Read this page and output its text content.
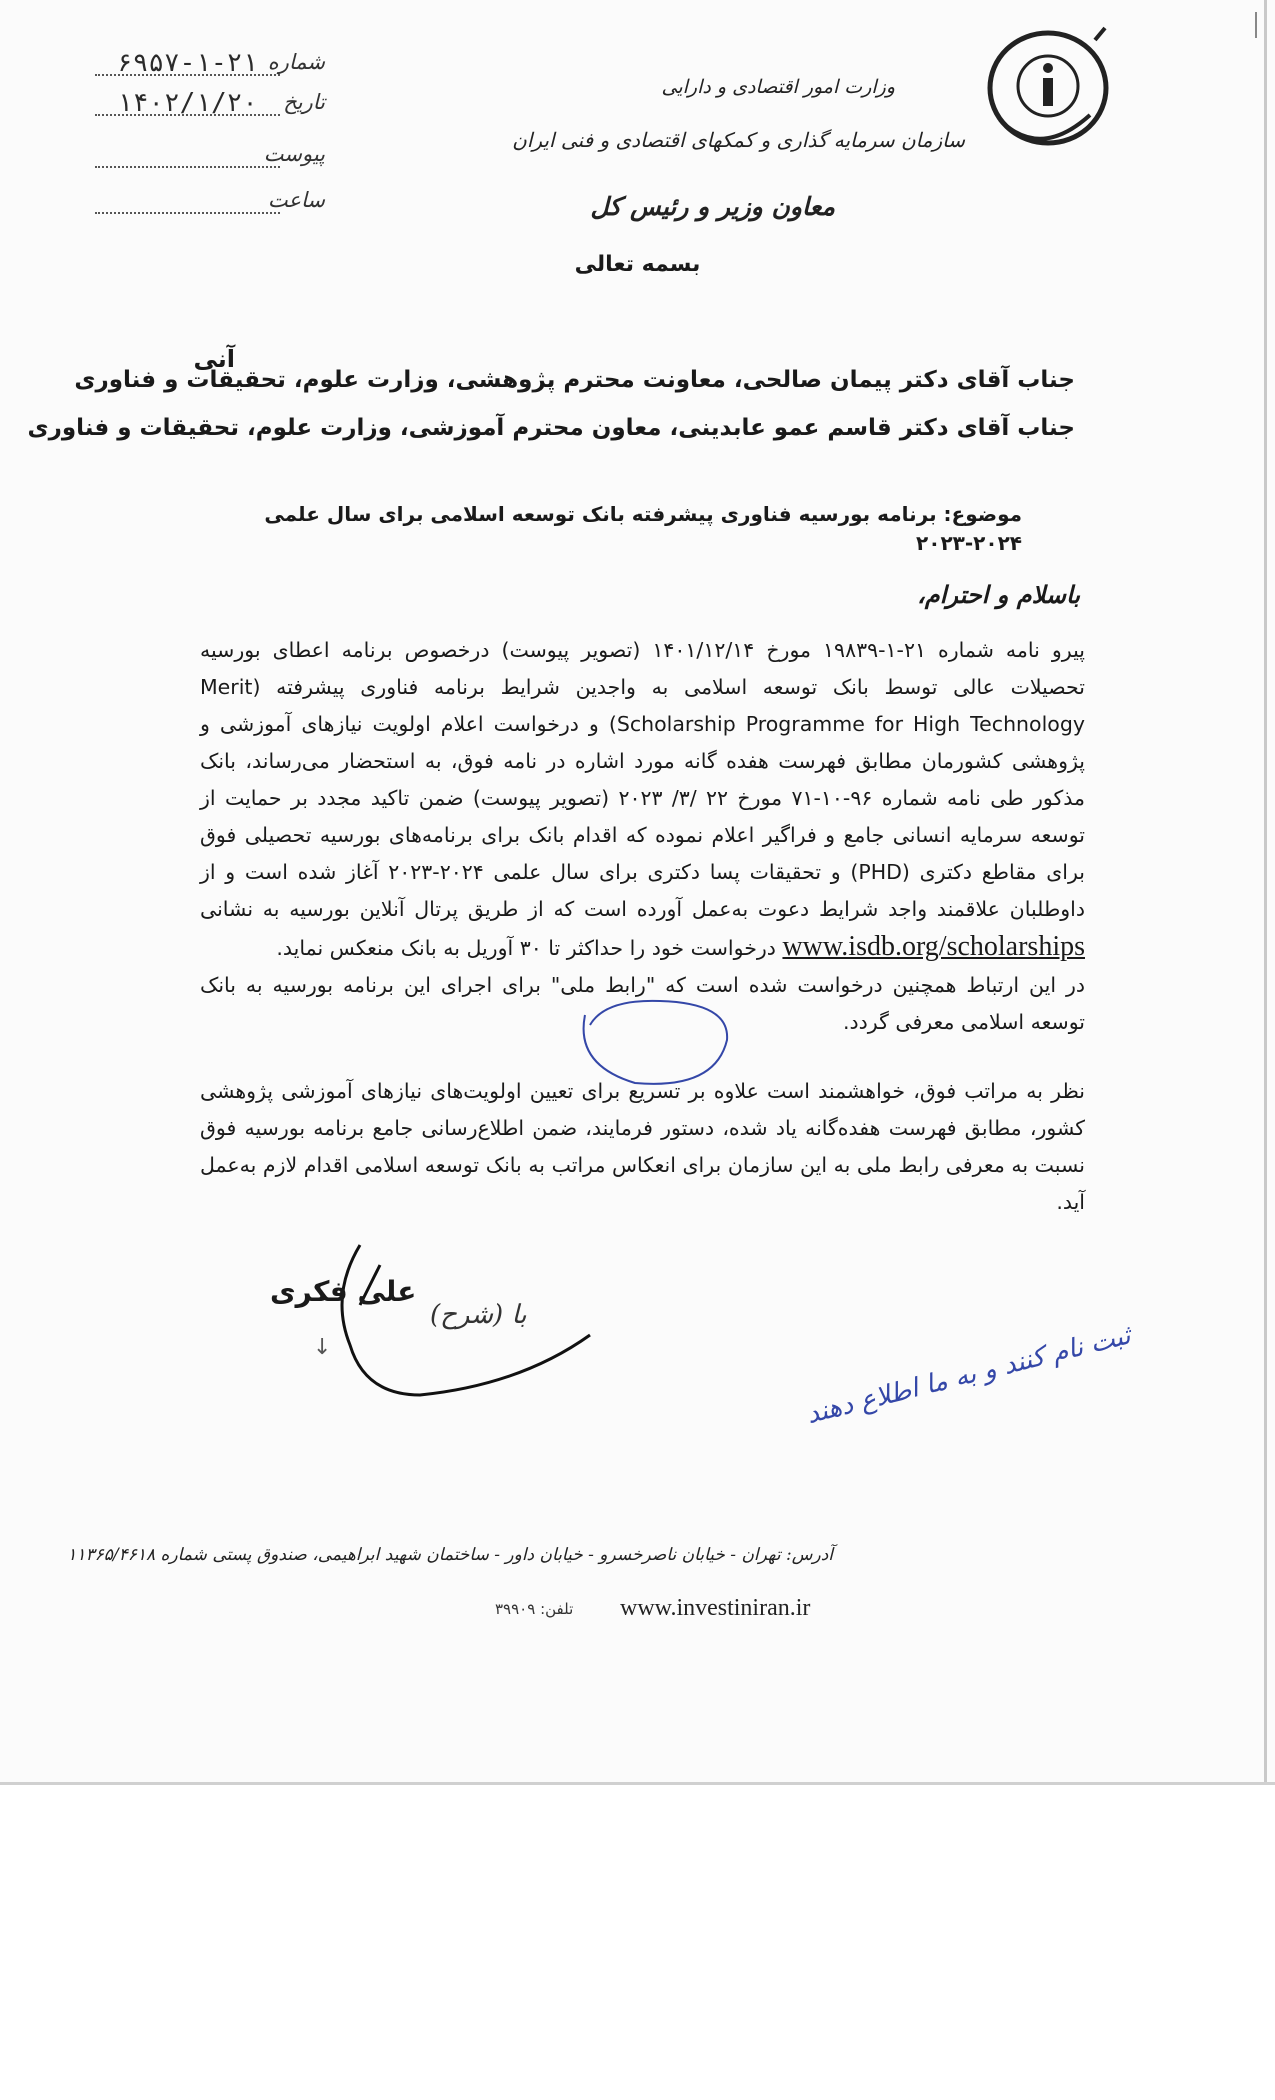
شماره
۶۹۵۷-۱-۲۱
تاریخ
۱۴۰۲/۱/۲۰
پیوست
ساعت
وزارت امور اقتصادی و دارایی
سازمان سرمایه گذاری و کمکهای اقتصادی و فنی ایران
معاون وزیر و رئیس کل
بسمه تعالی
آنی
جناب آقای دکتر پیمان صالحی، معاونت محترم پژوهشی، وزارت علوم، تحقیقات و فناوری
جناب آقای دکتر قاسم عمو عابدینی، معاون محترم آموزشی، وزارت علوم، تحقیقات و فناوری
موضوع: برنامه بورسیه فناوری پیشرفته بانک توسعه اسلامی برای سال علمی ۲۰۲۴-۲۰۲۳
باسلام و احترام،

پیرو نامه شماره ۲۱-۱-۱۹۸۳۹ مورخ ۱۴۰۱/۱۲/۱۴ (تصویر پیوست) درخصوص برنامه اعطای بورسیه تحصیلات عالی توسط بانک توسعه اسلامی به واجدین شرایط برنامه فناوری پیشرفته (Merit Scholarship Programme for High Technology) و درخواست اعلام اولویت نیازهای آموزشی و پژوهشی کشورمان مطابق فهرست هفده گانه مورد اشاره در نامه فوق، به استحضار می‌رساند، بانک مذکور طی نامه شماره ۹۶-۱۰-۷۱ مورخ ۲۲ /۳/ ۲۰۲۳ (تصویر پیوست) ضمن تاکید مجدد بر حمایت از توسعه سرمایه انسانی جامع و فراگیر اعلام نموده که اقدام بانک برای برنامه‌های بورسیه تحصیلی فوق برای مقاطع دکتری (PHD) و تحقیقات پسا دکتری برای سال علمی ۲۰۲۴-۲۰۲۳ آغاز شده است و از داوطلبان علاقمند واجد شرایط دعوت به‌عمل آورده است که از طریق پرتال آنلاین بورسیه به نشانی www.isdb.org/scholarships درخواست خود را حداکثر تا ۳۰ آوریل به بانک منعکس نماید.

در این ارتباط همچنین درخواست شده است که "رابط ملی" برای اجرای این برنامه بورسیه به بانک توسعه اسلامی معرفی گردد.

نظر به مراتب فوق، خواهشمند است علاوه بر تسریع برای تعیین اولویت‌های نیازهای آموزشی پژوهشی کشور، مطابق فهرست هفده‌گانه یاد شده، دستور فرمایند، ضمن اطلاع‌رسانی جامع برنامه بورسیه فوق نسبت به معرفی رابط ملی به این سازمان برای انعکاس مراتب به بانک توسعه اسلامی اقدام لازم به‌عمل آید.

علی فکری
با (شرح)
↓	ثبت نام کنند و به ما اطلاع دهند
آدرس: تهران - خیابان ناصرخسرو - خیابان داور - ساختمان شهید ابراهیمی، صندوق پستی شماره ۱۱۳۶۵/۴۶۱۸
www.investiniran.ir
تلفن: ۳۹۹۰۹
